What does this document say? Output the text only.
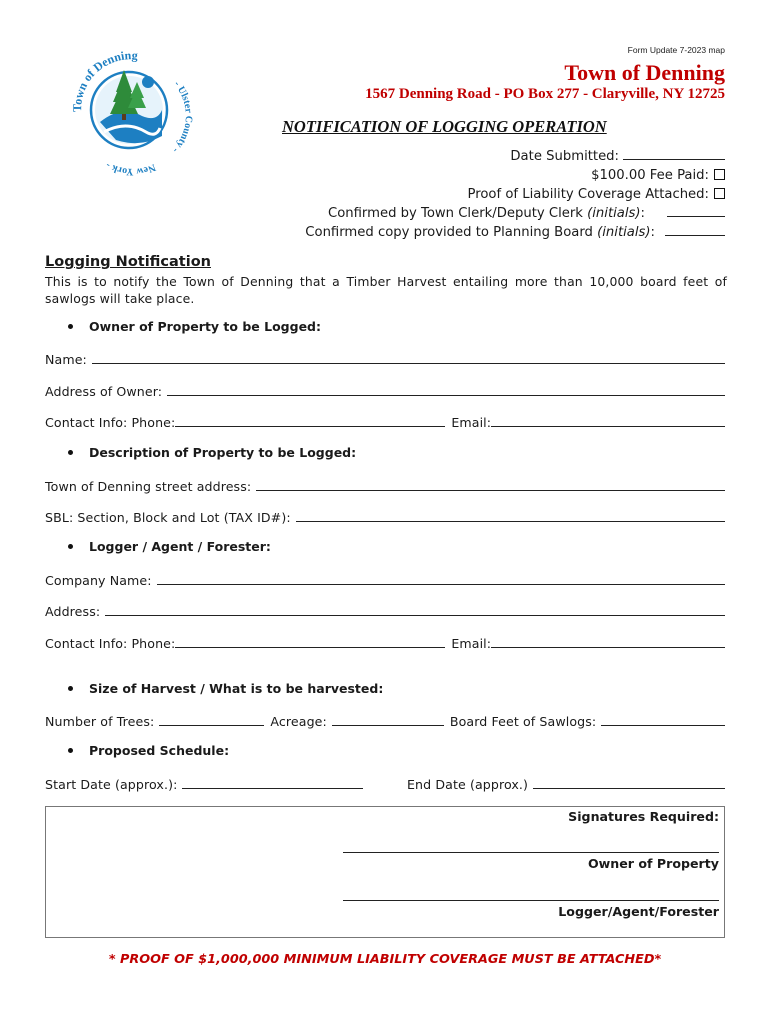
Town of Denning
- Ulster County -
New York -
Form Update 7-2023 map
Town of Denning
1567 Denning Road - PO Box 277 - Claryville, NY 12725
NOTIFICATION OF LOGGING OPERATION
Date Submitted:
$100.00 Fee Paid:
Proof of Liability Coverage Attached:
Confirmed by Town Clerk/Deputy Clerk (initials):
Confirmed copy provided to Planning Board (initials):
Logging Notification
This is to notify the Town of Denning that a Timber Harvest entailing more than 10,000 board feet of sawlogs will take place.
Owner of Property to be Logged:
Name:
Address of Owner:
Contact Info: Phone:	Email:
Description of Property to be Logged:
Town of Denning street address:
SBL: Section, Block and Lot (TAX ID#):
Logger / Agent / Forester:
Company Name:
Address:
Contact Info: Phone:	Email:
Size of Harvest / What is to be harvested:
Number of Trees:	Acreage:	Board Feet of Sawlogs:
Proposed Schedule:
Start Date (approx.):	End Date (approx.)
Signatures Required:
Owner of Property
Logger/Agent/Forester
* PROOF OF $1,000,000 MINIMUM LIABILITY COVERAGE MUST BE ATTACHED*
